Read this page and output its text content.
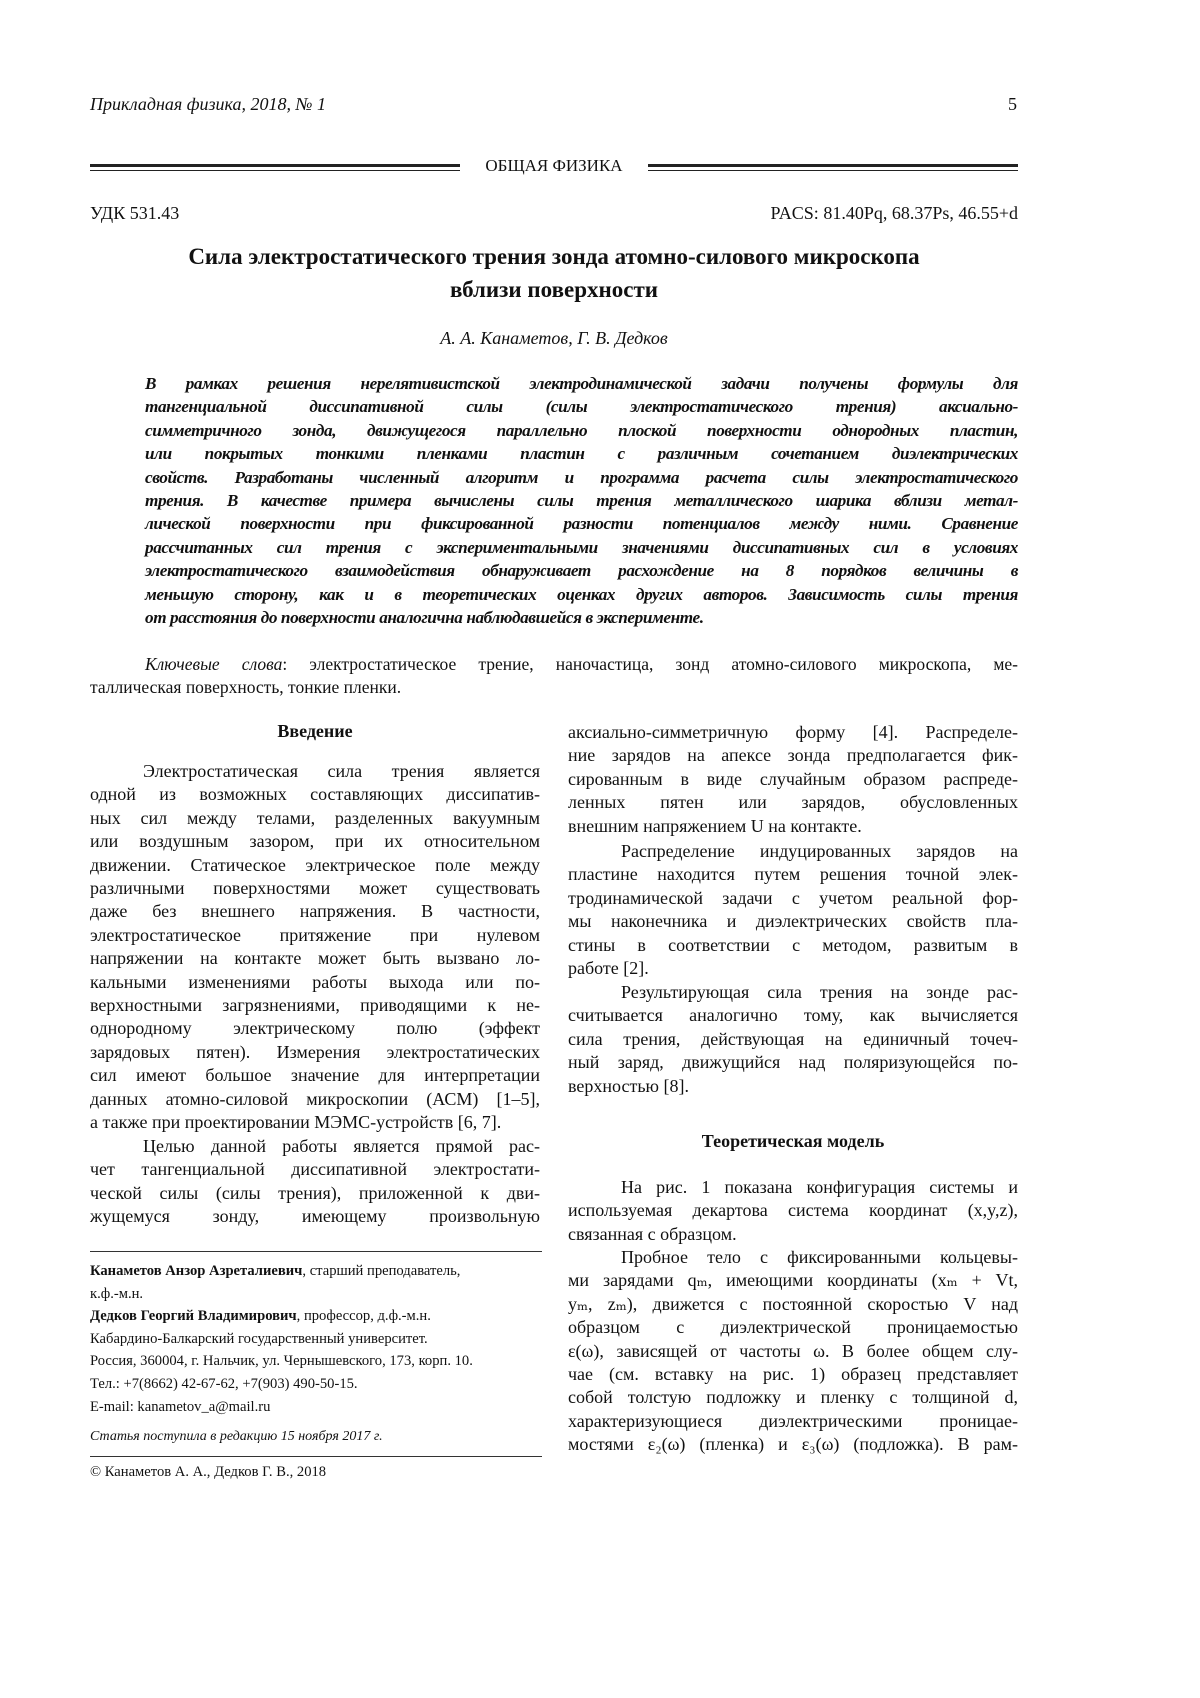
Прикладная физика, 2018, № 1	5
ОБЩАЯ ФИЗИКА
УДК 531.43	PACS: 81.40Pq, 68.37Ps, 46.55+d
Сила электростатического трения зонда атомно-силового микроскопа
вблизи поверхности
А. А. Канаметов, Г. В. Дедков
В рамках решения нерелятивистской электродинамической задачи получены формулы для
тангенциальной диссипативной силы (силы электростатического трения) аксиально-
симметричного зонда, движущегося параллельно плоской поверхности однородных пластин,
или покрытых тонкими пленками пластин с различным сочетанием диэлектрических
свойств. Разработаны численный алгоритм и программа расчета силы электростатического
трения. В качестве примера вычислены силы трения металлического шарика вблизи метал-
лической поверхности при фиксированной разности потенциалов между ними. Сравнение
рассчитанных сил трения с экспериментальными значениями диссипативных сил в условиях
электростатического взаимодействия обнаруживает расхождение на 8 порядков величины в
меньшую сторону, как и в теоретических оценках других авторов. Зависимость силы трения
от расстояния до поверхности аналогична наблюдавшейся в эксперименте.
Ключевые слова: электростатическое трение, наночастица, зонд атомно-силового микроскопа, ме-
таллическая поверхность, тонкие пленки.
Введение
Электростатическая сила трения является
одной из возможных составляющих диссипатив-
ных сил между телами, разделенных вакуумным
или воздушным зазором, при их относительном
движении. Статическое электрическое поле между
различными поверхностями может существовать
даже без внешнего напряжения. В частности,
электростатическое притяжение при нулевом
напряжении на контакте может быть вызвано ло-
кальными изменениями работы выхода или по-
верхностными загрязнениями, приводящими к не-
однородному электрическому полю (эффект
зарядовых пятен). Измерения электростатических
сил имеют большое значение для интерпретации
данных атомно-силовой микроскопии (АСМ) [1–5],
а также при проектировании МЭМС-устройств [6, 7].
Целью данной работы является прямой рас-
чет тангенциальной диссипативной электростати-
ческой силы (силы трения), приложенной к дви-
жущемуся зонду, имеющему произвольную
Канаметов Анзор Азреталиевич, старший преподаватель,
к.ф.-м.н.
Дедков Георгий Владимирович, профессор, д.ф.-м.н.
Кабардино-Балкарский государственный университет.
Россия, 360004, г. Нальчик, ул. Чернышевского, 173, корп. 10.
Тел.: +7(8662) 42-67-62, +7(903) 490-50-15.
E-mail: kanametov_a@mail.ru
Статья поступила в редакцию 15 ноября 2017 г.
© Канаметов А. А., Дедков Г. В., 2018
аксиально-симметричную форму [4]. Распределе-
ние зарядов на апексе зонда предполагается фик-
сированным в виде случайным образом распреде-
ленных пятен или зарядов, обусловленных
внешним напряжением U на контакте.
Распределение индуцированных зарядов на
пластине находится путем решения точной элек-
тродинамической задачи с учетом реальной фор-
мы наконечника и диэлектрических свойств пла-
стины в соответствии с методом, развитым в
работе [2].
Результирующая сила трения на зонде рас-
считывается аналогично тому, как вычисляется
сила трения, действующая на единичный точеч-
ный заряд, движущийся над поляризующейся по-
верхностью [8].
Теоретическая модель
На рис. 1 показана конфигурация системы и
используемая декартова система координат (x,y,z),
связанная с образцом.
Пробное тело с фиксированными кольцевы-
ми зарядами qₘ, имеющими координаты (xₘ + Vt,
yₘ, zₘ), движется с постоянной скоростью V над
образцом с диэлектрической проницаемостью
ε(ω), зависящей от частоты ω. В более общем слу-
чае (см. вставку на рис. 1) образец представляет
собой толстую подложку и пленку с толщиной d,
характеризующиеся диэлектрическими проницае-
мостями ε₂(ω) (пленка) и ε₃(ω) (подложка). В рам-
